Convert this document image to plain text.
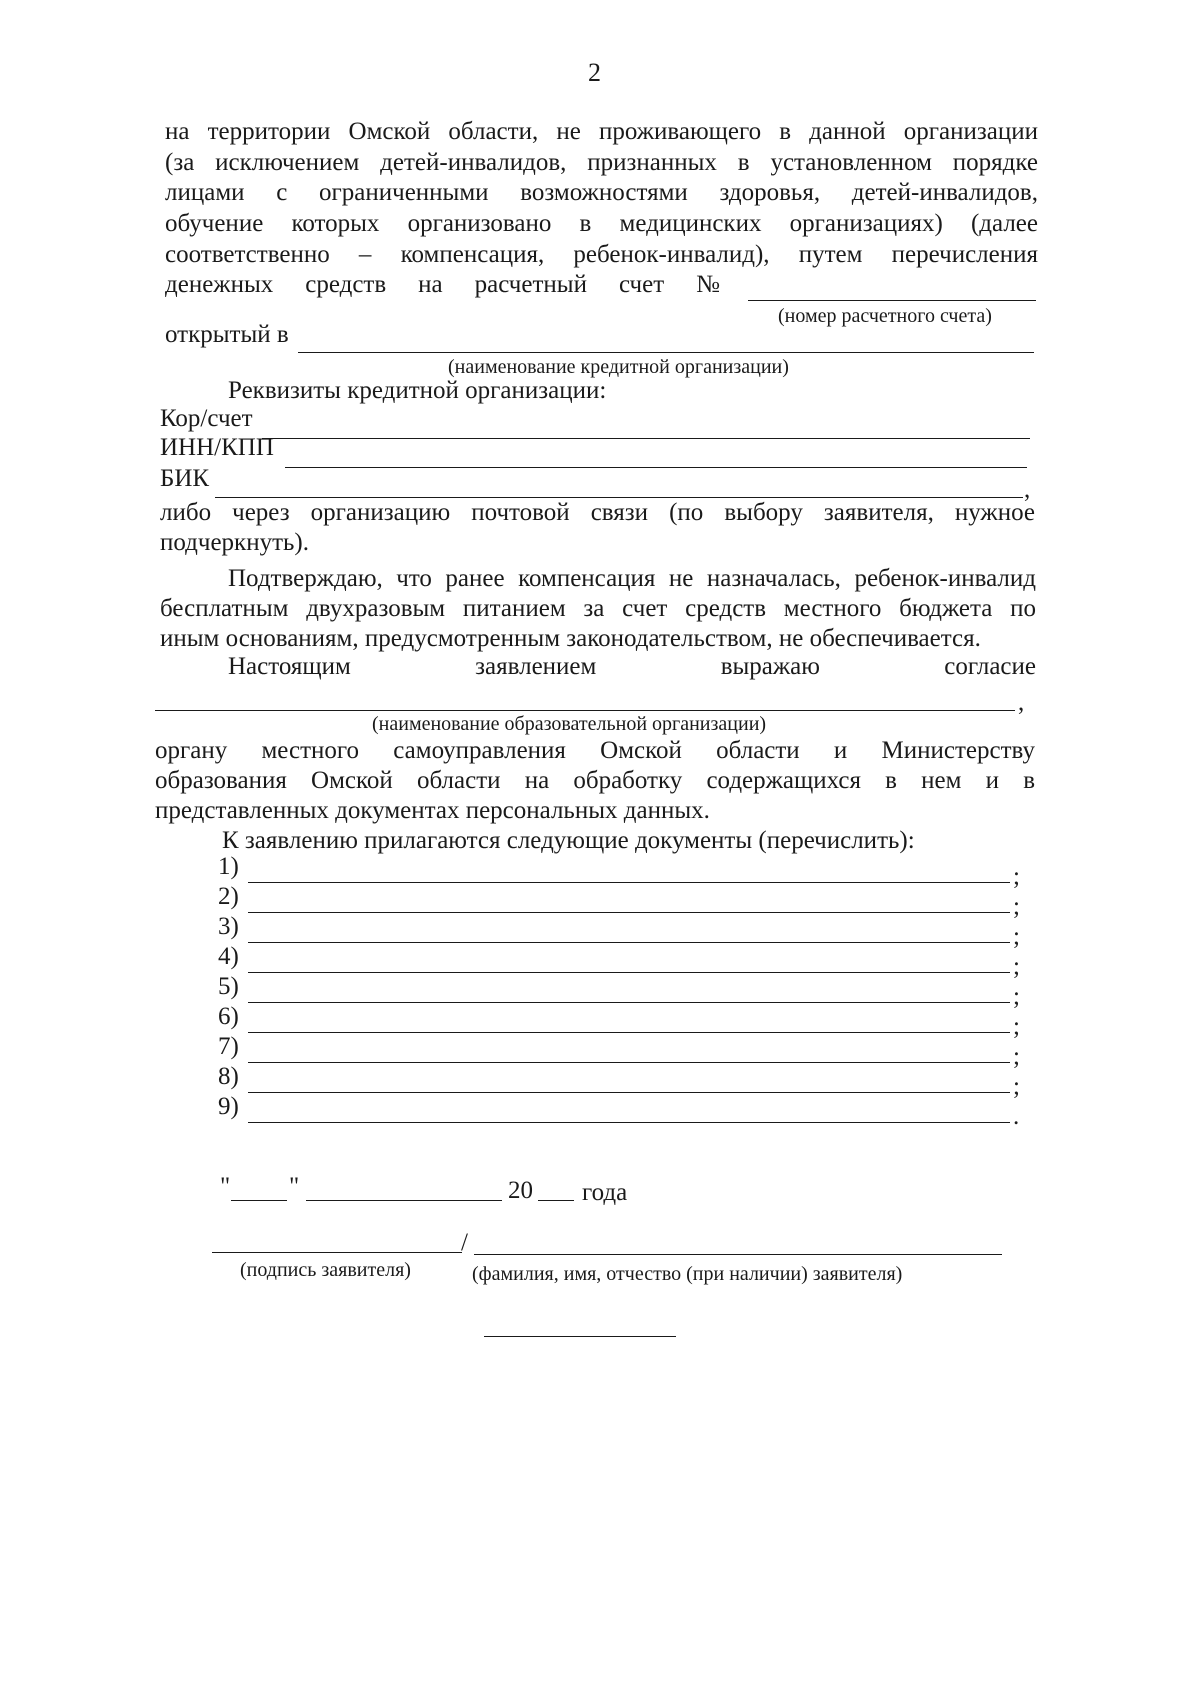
2
на территории Омской области, не проживающего в данной организации
(за исключением детей-инвалидов, признанных в установленном порядке
лицами с ограниченными возможностями здоровья, детей-инвалидов,
обучение которых организовано в медицинских организациях) (далее
соответственно – компенсация, ребенок-инвалид), путем перечисления
денежных средств на расчетный счет №
(номер расчетного счета)
открытый в
(наименование кредитной организации)
Реквизиты кредитной организации:
Кор/счет
ИНН/КПП
БИК	,
либо через организацию почтовой связи (по выбору заявителя, нужное
подчеркнуть).
Подтверждаю, что ранее компенсация не назначалась, ребенок-инвалид
бесплатным двухразовым питанием за счет средств местного бюджета по
иным основаниям, предусмотренным законодательством, не обеспечивается.
Настоящим	заявлением	выражаю	согласие
,
(наименование образовательной организации)
органу местного самоуправления Омской области и Министерству
образования Омской области на обработку содержащихся в нем и в
представленных документах персональных данных.
К заявлению прилагаются следующие документы (перечислить):
1)	;
2)	;
3)	;
4)	;
5)	;
6)	;
7)	;
8)	;
9)	.
" "	20 года
/
(подпись заявителя)	(фамилия, имя, отчество (при наличии) заявителя)
